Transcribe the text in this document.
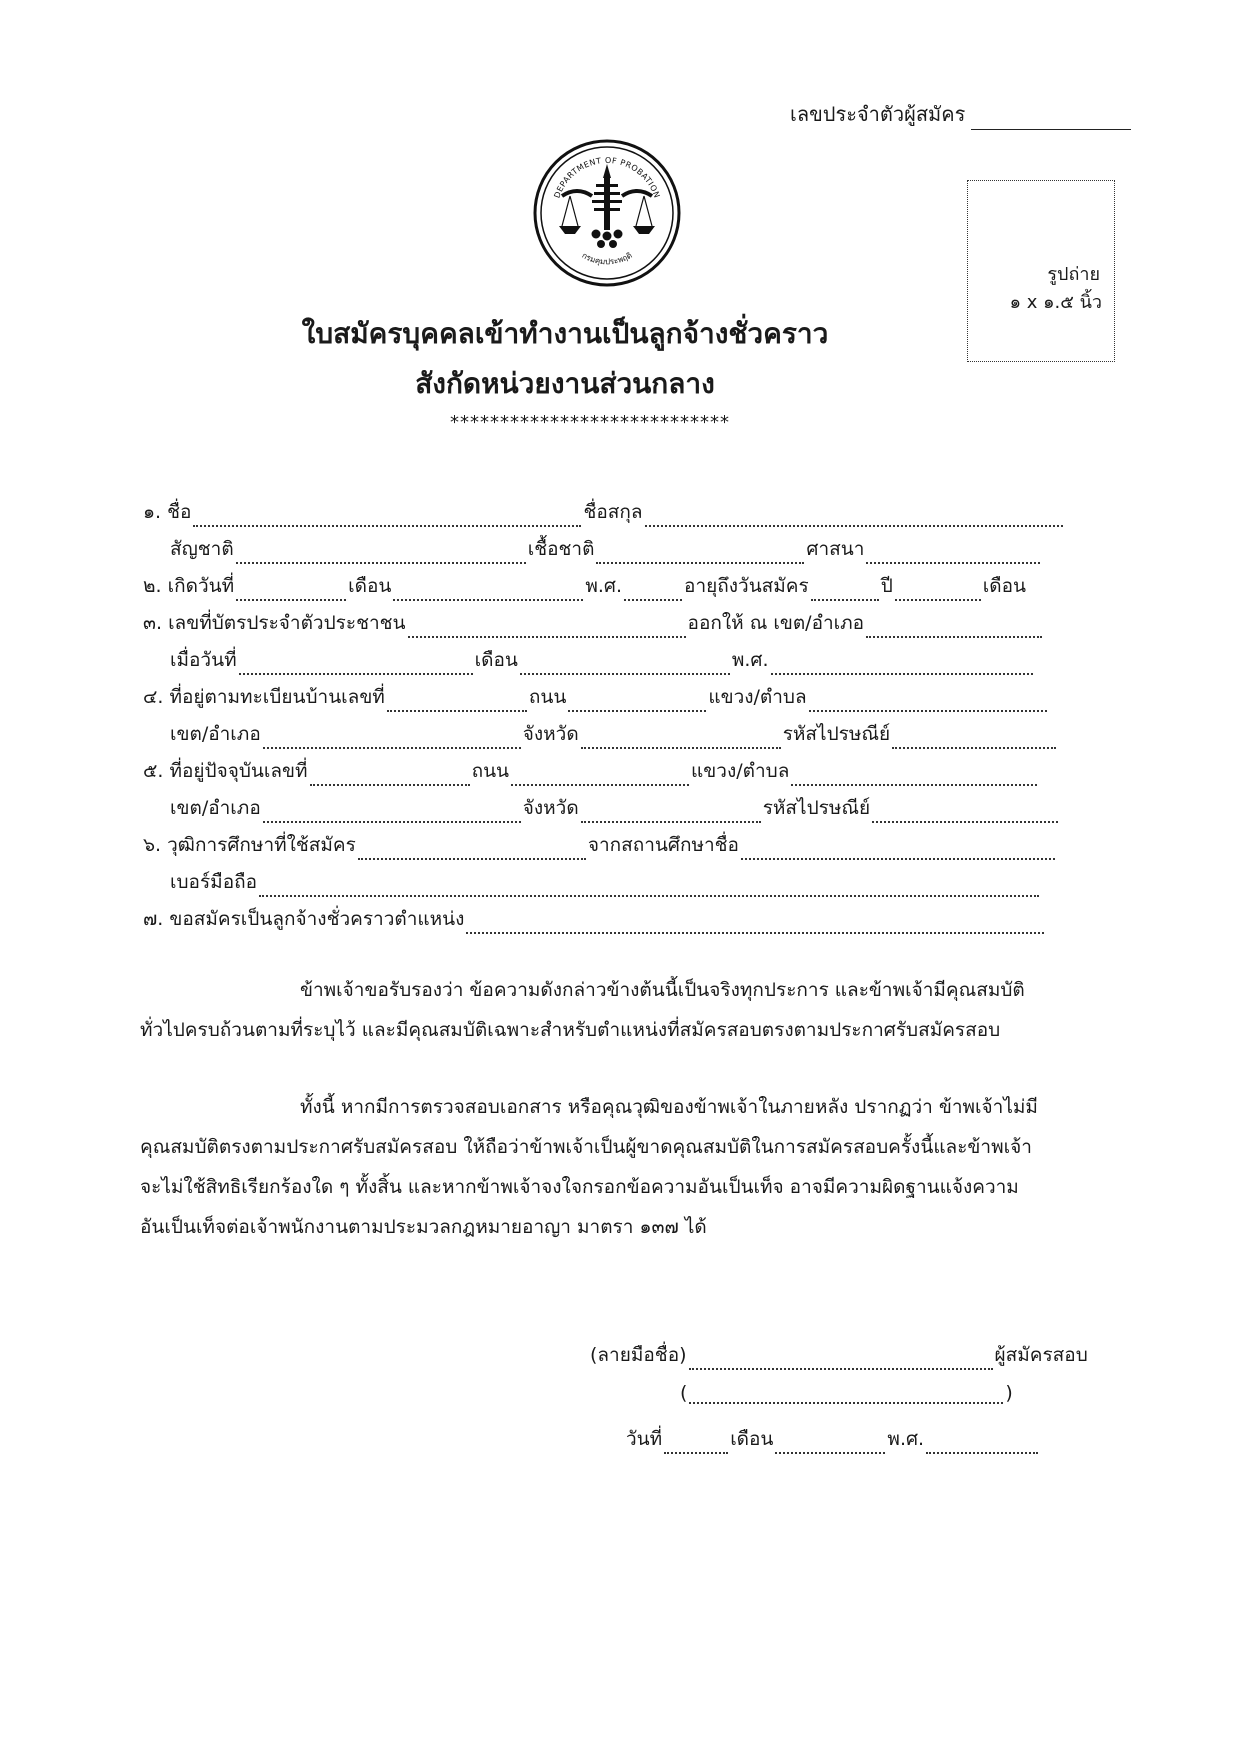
เลขประจำตัวผู้สมัคร
DEPARTMENT OF PROBATION
กรมคุมประพฤติ
รูปถ่าย
๑ x ๑.๕ นิ้ว
ใบสมัครบุคคลเข้าทำงานเป็นลูกจ้างชั่วคราว
สังกัดหน่วยงานส่วนกลาง
****************************
๑. ชื่อ	ชื่อสกุล
สัญชาติ	เชื้อชาติ	ศาสนา
๒. เกิดวันที่	เดือน	พ.ศ.	อายุถึงวันสมัคร	ปี	เดือน
๓. เลขที่บัตรประจำตัวประชาชน	ออกให้ ณ เขต/อำเภอ
เมื่อวันที่	เดือน	พ.ศ.
๔. ที่อยู่ตามทะเบียนบ้านเลขที่	ถนน	แขวง/ตำบล
เขต/อำเภอ	จังหวัด	รหัสไปรษณีย์
๕. ที่อยู่ปัจจุบันเลขที่	ถนน	แขวง/ตำบล
เขต/อำเภอ	จังหวัด	รหัสไปรษณีย์
๖. วุฒิการศึกษาที่ใช้สมัคร	จากสถานศึกษาชื่อ
เบอร์มือถือ
๗. ขอสมัครเป็นลูกจ้างชั่วคราวตำแหน่ง
ข้าพเจ้าขอรับรองว่า ข้อความดังกล่าวข้างต้นนี้เป็นจริงทุกประการ และข้าพเจ้ามีคุณสมบัติ
ทั่วไปครบถ้วนตามที่ระบุไว้ และมีคุณสมบัติเฉพาะสำหรับตำแหน่งที่สมัครสอบตรงตามประกาศรับสมัครสอบ
ทั้งนี้ หากมีการตรวจสอบเอกสาร หรือคุณวุฒิของข้าพเจ้าในภายหลัง ปรากฏว่า ข้าพเจ้าไม่มี
คุณสมบัติตรงตามประกาศรับสมัครสอบ ให้ถือว่าข้าพเจ้าเป็นผู้ขาดคุณสมบัติในการสมัครสอบครั้งนี้และข้าพเจ้า
จะไม่ใช้สิทธิเรียกร้องใด ๆ ทั้งสิ้น และหากข้าพเจ้าจงใจกรอกข้อความอันเป็นเท็จ อาจมีความผิดฐานแจ้งความ
อันเป็นเท็จต่อเจ้าพนักงานตามประมวลกฎหมายอาญา มาตรา ๑๓๗ ได้
(ลายมือชื่อ)	ผู้สมัครสอบ
(	)
วันที่	เดือน	พ.ศ.
